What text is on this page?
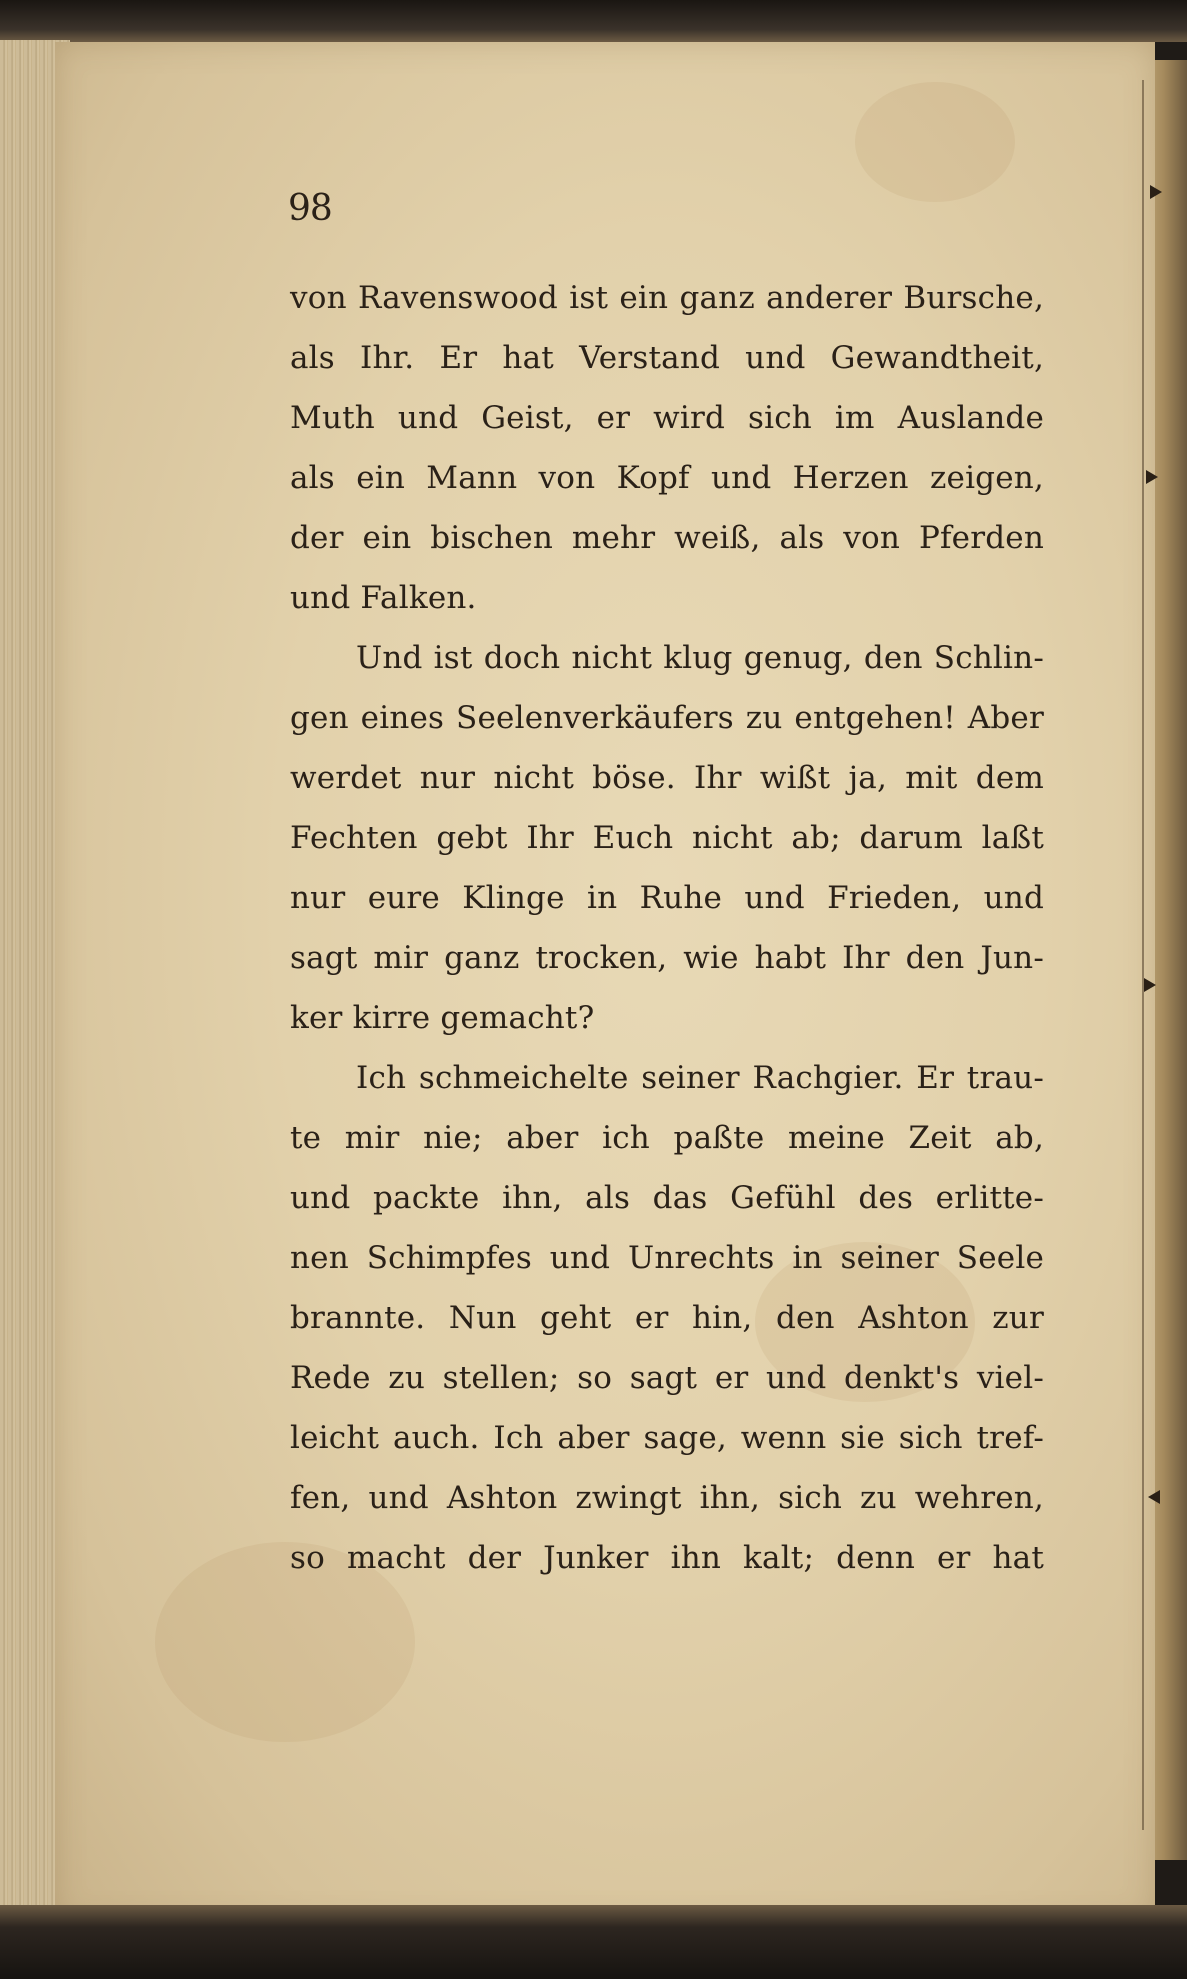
98
von Ravenswood ist ein ganz anderer Bursche,
als Ihr. Er hat Verstand und Gewandtheit,
Muth und Geist, er wird sich im Auslande
als ein Mann von Kopf und Herzen zeigen,
der ein bischen mehr weiß, als von Pferden
und Falken.
Und ist doch nicht klug genug, den Schlin-
gen eines Seelenverkäufers zu entgehen! Aber
werdet nur nicht böse. Ihr wißt ja, mit dem
Fechten gebt Ihr Euch nicht ab; darum laßt
nur eure Klinge in Ruhe und Frieden, und
sagt mir ganz trocken, wie habt Ihr den Jun-
ker kirre gemacht?
Ich schmeichelte seiner Rachgier. Er trau-
te mir nie; aber ich paßte meine Zeit ab,
und packte ihn, als das Gefühl des erlitte-
nen Schimpfes und Unrechts in seiner Seele
brannte. Nun geht er hin, den Ashton zur
Rede zu stellen; so sagt er und denkt's viel-
leicht auch. Ich aber sage, wenn sie sich tref-
fen, und Ashton zwingt ihn, sich zu wehren,
so macht der Junker ihn kalt; denn er hat
